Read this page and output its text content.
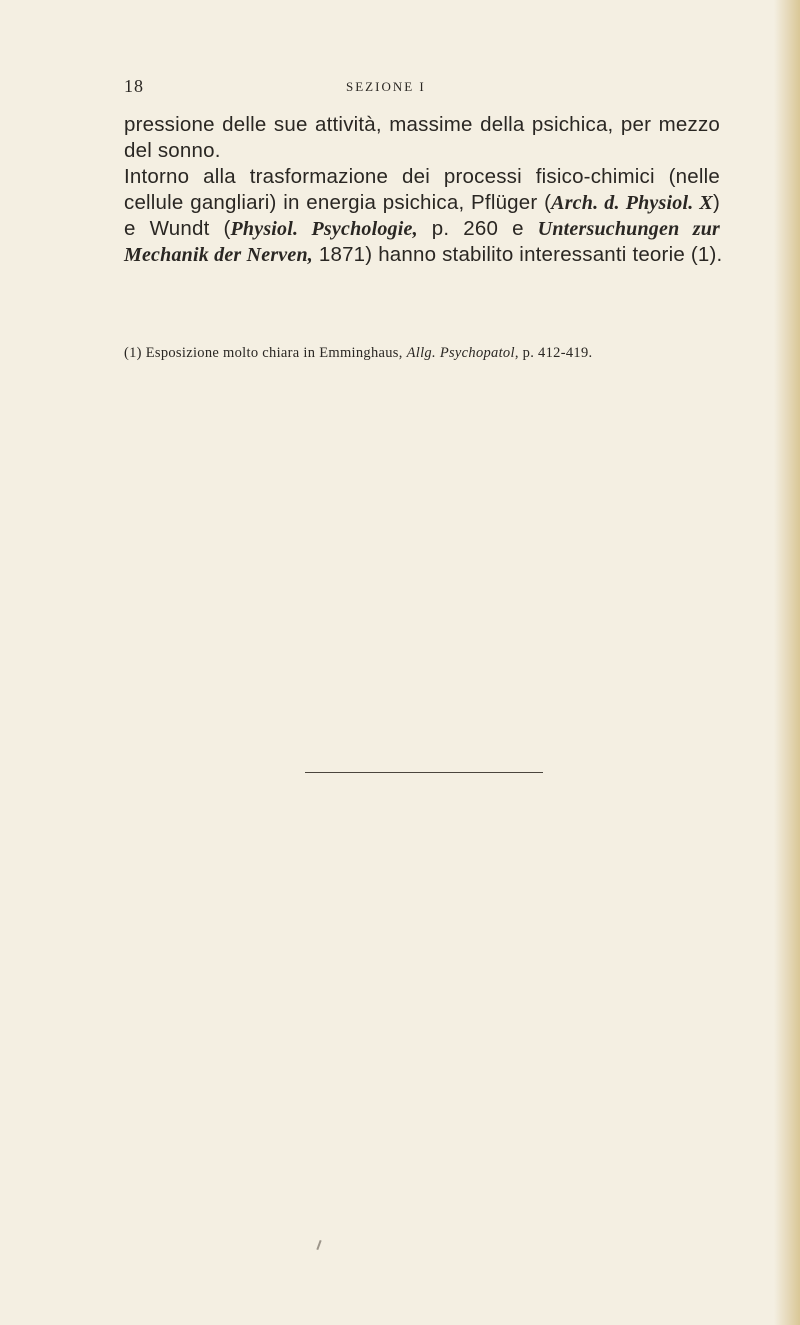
18	SEZIONE I
pressione delle sue attività, massime della psichica, per mezzo
del sonno.
Intorno alla trasformazione dei processi fisico-chimici (nelle
cellule gangliari) in energia psichica, Pflüger (Arch. d. Physiol. X)
e Wundt (Physiol. Psychologie, p. 260 e Untersuchungen zur
Mechanik der Nerven, 1871) hanno stabilito interessanti teorie (1).
(1) Esposizione molto chiara in Emminghaus, Allg. Psychopatol, p. 412-419.
